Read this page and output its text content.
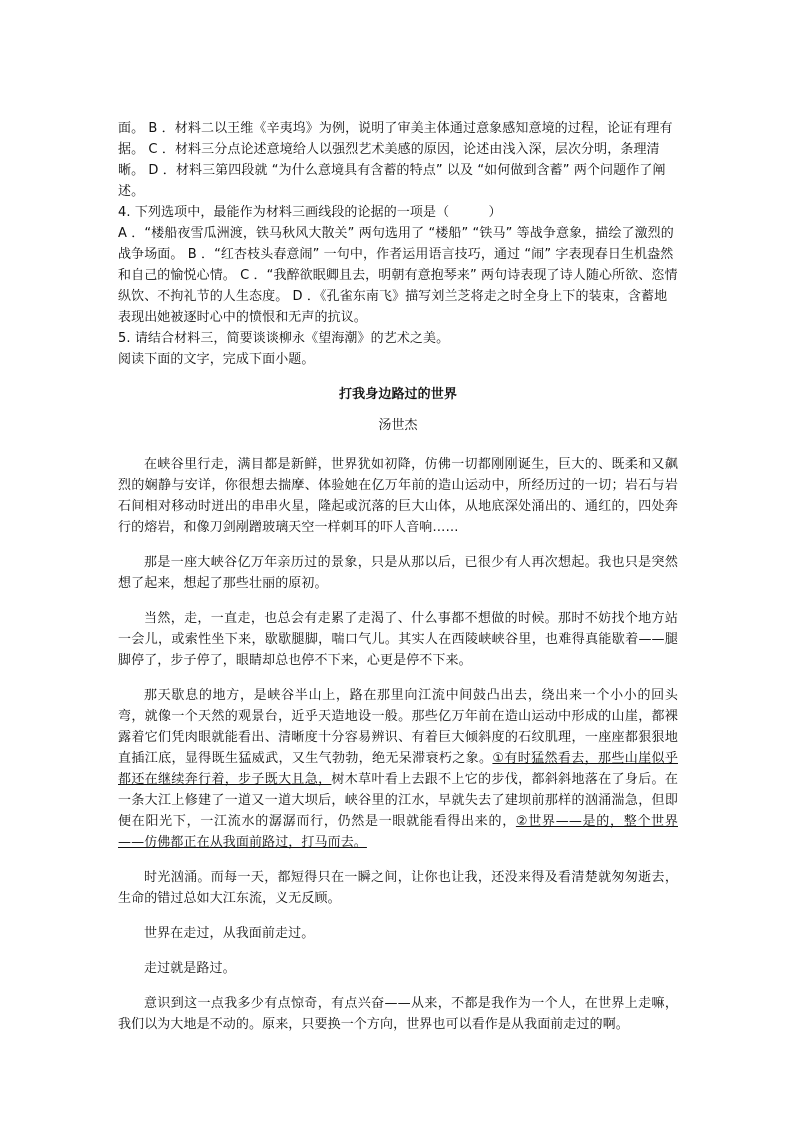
面。 B ．材料二以王维《辛夷坞》为例，说明了审美主体通过意象感知意境的过程，论证有理有据。 C ．材料三分点论述意境给人以强烈艺术美感的原因，论述由浅入深，层次分明，条理清晰。 D ．材料三第四段就 “为什么意境具有含蓄的特点” 以及 “如何做到含蓄” 两个问题作了阐述。

4. 下列选项中，最能作为材料三画线段的论据的一项是（　　　）

A ．“楼船夜雪瓜洲渡，铁马秋风大散关” 两句选用了 “楼船” “铁马” 等战争意象，描绘了激烈的战争场面。 B ．“红杏枝头春意闹” 一句中，作者运用语言技巧，通过 “闹” 字表现春日生机盎然和自己的愉悦心情。 C ．“我醉欲眠卿且去，明朝有意抱琴来” 两句诗表现了诗人随心所欲、恣情纵饮、不拘礼节的人生态度。 D ．《孔雀东南飞》描写刘兰芝将走之时全身上下的装束，含蓄地表现出她被逐时心中的愤恨和无声的抗议。

5. 请结合材料三，简要谈谈柳永《望海潮》的艺术之美。

阅读下面的文字，完成下面小题。

打我身边路过的世界
汤世杰

在峡谷里行走，满目都是新鲜，世界犹如初降，仿佛一切都刚刚诞生，巨大的、既柔和又飙烈的娴静与安详，你很想去揣摩、体验她在亿万年前的造山运动中，所经历过的一切；岩石与岩石间相对移动时迸出的串串火星，隆起或沉落的巨大山体，从地底深处涌出的、通红的，四处奔行的熔岩，和像刀剑剐蹭玻璃天空一样刺耳的吓人音响……

那是一座大峡谷亿万年亲历过的景象，只是从那以后，已很少有人再次想起。我也只是突然想了起来，想起了那些壮丽的原初。

当然，走，一直走，也总会有走累了走渴了、什么事都不想做的时候。那时不妨找个地方站一会儿，或索性坐下来，歇歇腿脚，喘口气儿。其实人在西陵峡峡谷里，也难得真能歇着——腿脚停了，步子停了，眼睛却总也停不下来，心更是停不下来。

那天歇息的地方，是峡谷半山上，路在那里向江流中间鼓凸出去，绕出来一个小小的回头弯，就像一个天然的观景台，近乎天造地设一般。那些亿万年前在造山运动中形成的山崖，都裸露着它们凭肉眼就能看出、清晰度十分容易辨识、有着巨大倾斜度的石纹肌理，一座座都狠狠地直插江底，显得既生猛威武，又生气勃勃，绝无呆滞衰朽之象。①有时猛然看去，那些山崖似乎都还在继续奔行着，步子既大且急，树木草叶看上去跟不上它的步伐，都斜斜地落在了身后。在一条大江上修建了一道又一道大坝后，峡谷里的江水，早就失去了建坝前那样的汹涌湍急，但即便在阳光下，一江流水的潺潺而行，仍然是一眼就能看得出来的，②世界——是的，整个世界——仿佛都正在从我面前路过，打马而去。

时光汹涌。而每一天，都短得只在一瞬之间，让你也让我，还没来得及看清楚就匆匆逝去，生命的错过总如大江东流，义无反顾。

世界在走过，从我面前走过。

走过就是路过。

意识到这一点我多少有点惊奇，有点兴奋——从来，不都是我作为一个人，在世界上走嘛，我们以为大地是不动的。原来，只要换一个方向，世界也可以看作是从我面前走过的啊。
